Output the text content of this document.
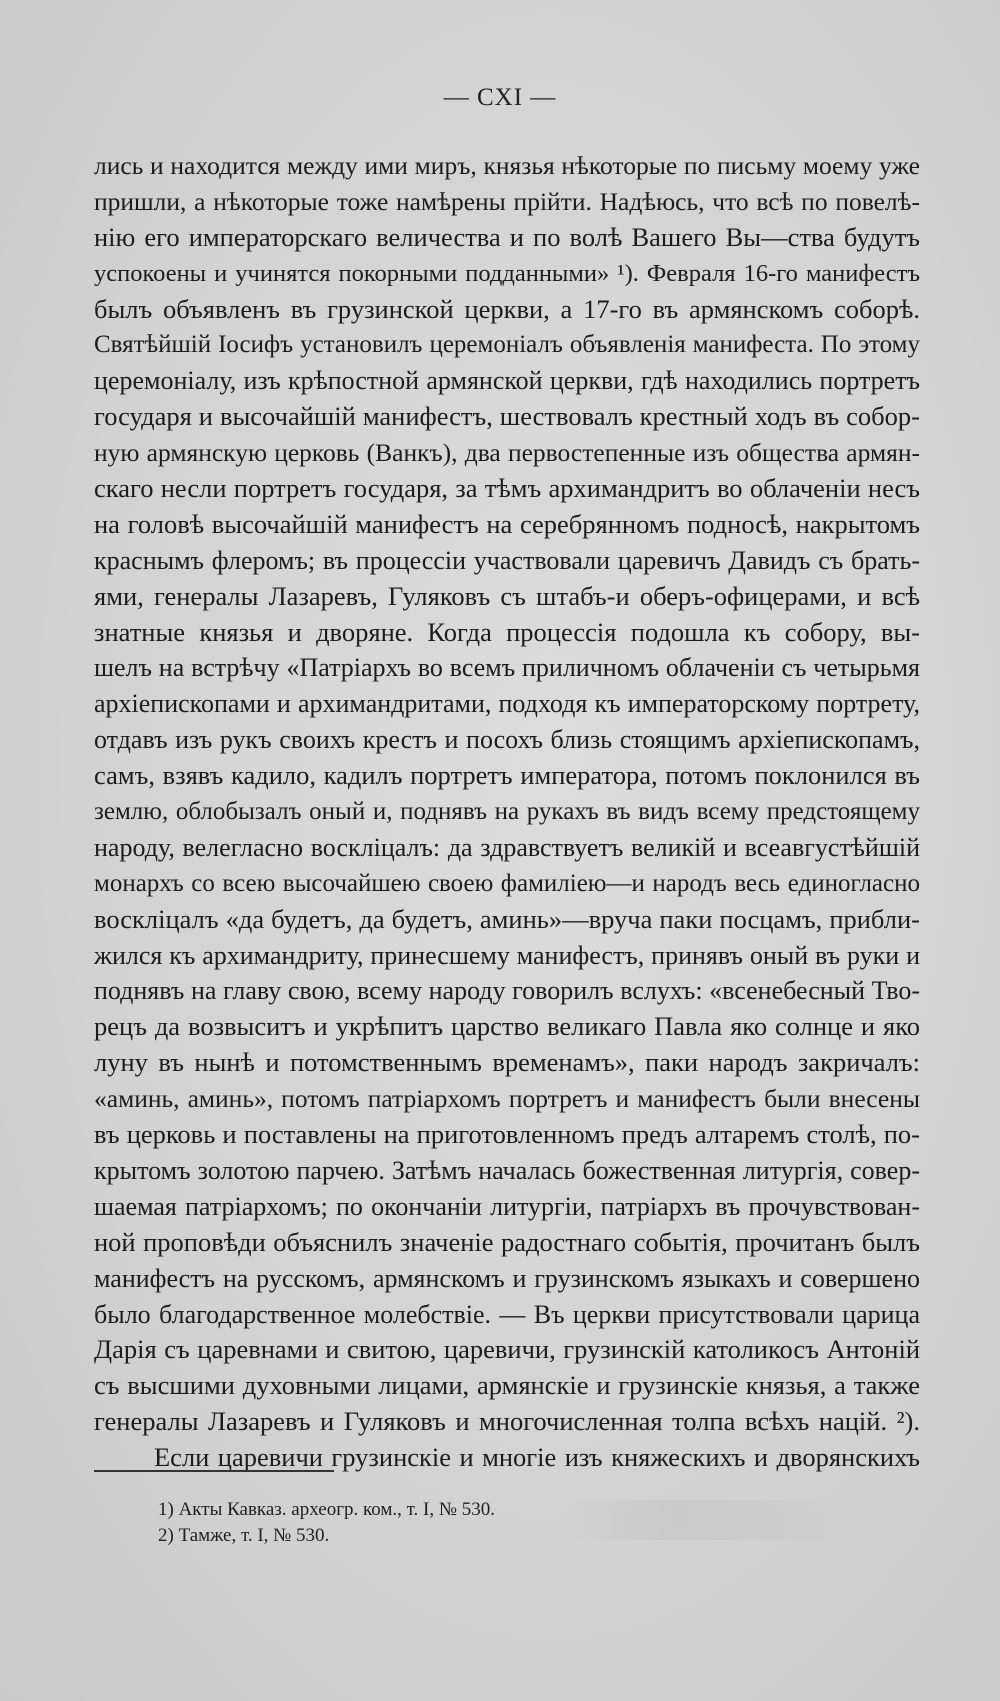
— CXI —
лись и находится между ими миръ, князья нѣкоторые по письму моему уже
пришли, а нѣкоторые тоже намѣрены прійти. Надѣюсь, что всѣ по повелѣ-
нію его императорскаго величества и по волѣ Вашего Вы—ства будутъ
успокоены и учинятся покорными подданными» ¹). Февраля 16-го манифестъ
былъ объявленъ въ грузинской церкви, а 17-го въ армянскомъ соборѣ.
Святѣйшій Іосифъ установилъ церемоніалъ объявленія манифеста. По этому
церемоніалу, изъ крѣпостной армянской церкви, гдѣ находились портретъ
государя и высочайшій манифестъ, шествовалъ крестный ходъ въ собор-
ную армянскую церковь (Ванкъ), два первостепенные изъ общества армян-
скаго несли портретъ государя, за тѣмъ архимандритъ во облаченіи несъ
на головѣ высочайшій манифестъ на серебрянномъ подносѣ, накрытомъ
краснымъ флеромъ; въ процессіи участвовали царевичъ Давидъ съ брать-
ями, генералы Лазаревъ, Гуляковъ съ штабъ-и оберъ-офицерами, и всѣ
знатные князья и дворяне. Когда процессія подошла къ собору, вы-
шелъ на встрѣчу «Патріархъ во всемъ приличномъ облаченіи съ четырьмя
архіепископами и архимандритами, подходя къ императорскому портрету,
отдавъ изъ рукъ своихъ крестъ и посохъ близь стоящимъ архіепископамъ,
самъ, взявъ кадило, кадилъ портретъ императора, потомъ поклонился въ
землю, облобызалъ оный и, поднявъ на рукахъ въ видъ всему предстоящему
народу, велегласно воскліцалъ: да здравствуетъ великій и всеавгустѣйшій
монархъ со всею высочайшею своею фамиліею—и народъ весь единогласно
воскліцалъ «да будетъ, да будетъ, аминь»—вруча паки посцамъ, прибли-
жился къ архимандриту, принесшему манифестъ, принявъ оный въ руки и
поднявъ на главу свою, всему народу говорилъ вслухъ: «всенебесный Тво-
рецъ да возвыситъ и укрѣпитъ царство великаго Павла яко солнце и яко
луну въ нынѣ и потомственнымъ временамъ», паки народъ закричалъ:
«аминь, аминь», потомъ патріархомъ портретъ и манифестъ были внесены
въ церковь и поставлены на приготовленномъ предъ алтаремъ столѣ, по-
крытомъ золотою парчею. Затѣмъ началась божественная литургія, совер-
шаемая патріархомъ; по окончаніи литургіи, патріархъ въ прочувствован-
ной проповѣди объяснилъ значеніе радостнаго событія, прочитанъ былъ
манифестъ на русскомъ, армянскомъ и грузинскомъ языкахъ и совершено
было благодарственное молебствіе. — Въ церкви присутствовали царица
Дарія съ царевнами и свитою, царевичи, грузинскій католикосъ Антоній
съ высшими духовными лицами, армянскіе и грузинскіе князья, а также
генералы Лазаревъ и Гуляковъ и многочисленная толпа всѣхъ націй. ²).
Если царевичи грузинскіе и многіе изъ княжескихъ и дворянскихъ
1) Акты Кавказ. археогр. ком., т. I, № 530.
2) Тамже, т. I, № 530.
